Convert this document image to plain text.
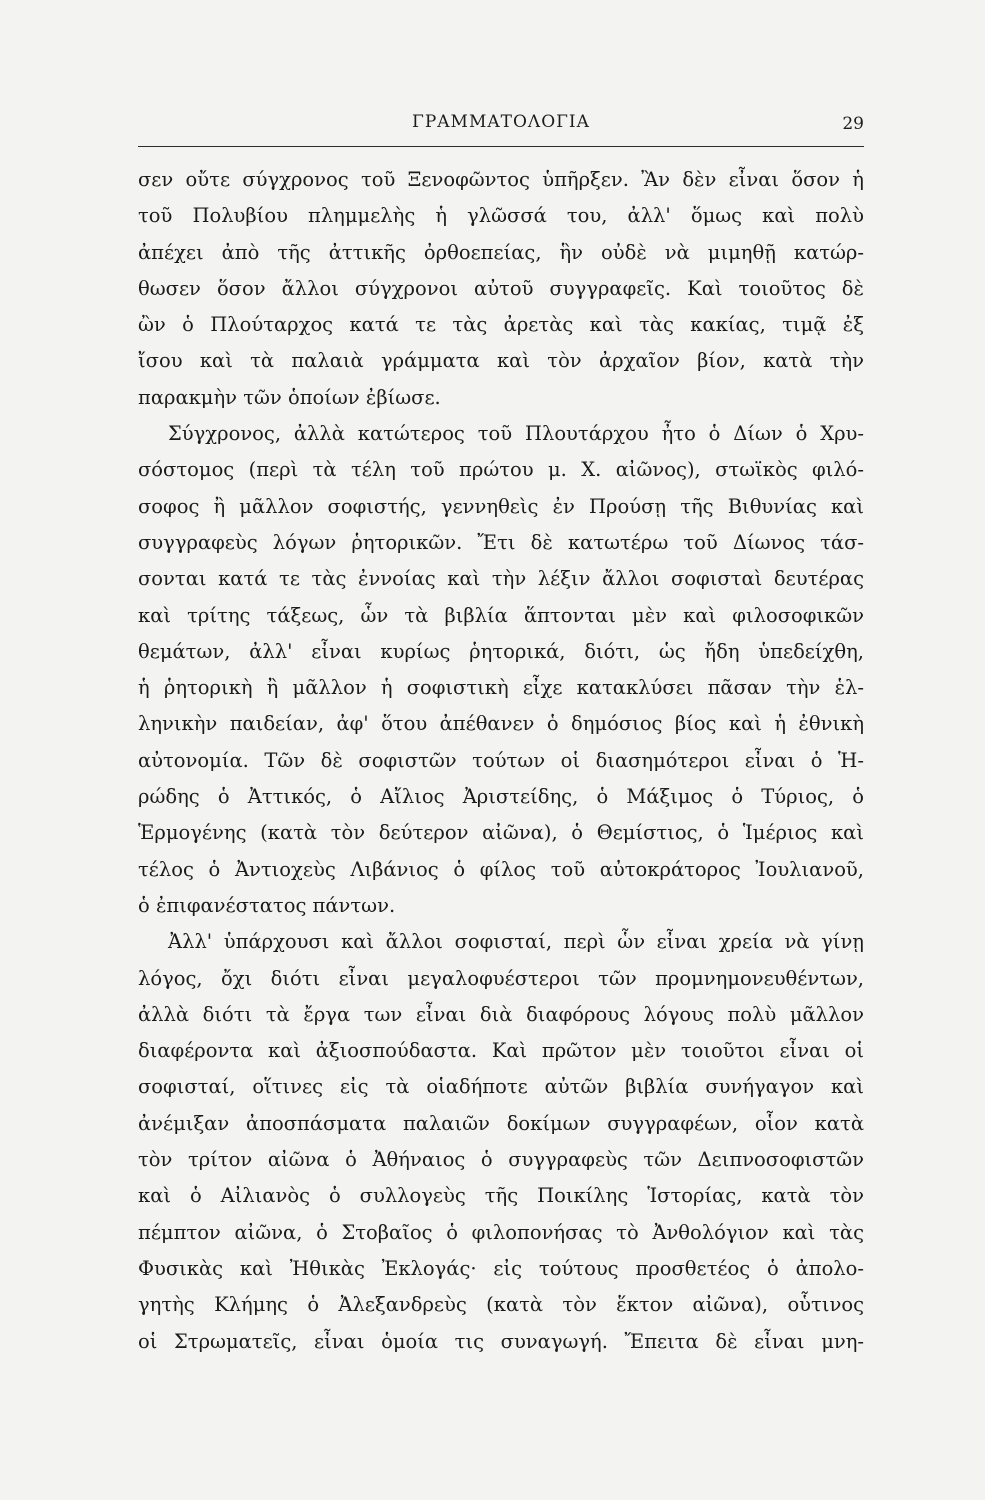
ΓΡΑΜΜΑΤΟΛΟΓΙΑ	29
σεν οὔτε σύγχρονος τοῦ Ξενοφῶντος ὑπῆρξεν. Ἂν δὲν εἶναι ὅσον ἡ
τοῦ Πολυβίου πλημμελὴς ἡ γλῶσσά του, ἀλλ' ὅμως καὶ πολὺ
ἀπέχει ἀπὸ τῆς ἀττικῆς ὀρθοεπείας, ἣν οὐδὲ νὰ μιμηθῇ κατώρ-
θωσεν ὅσον ἄλλοι σύγχρονοι αὐτοῦ συγγραφεῖς. Καὶ τοιοῦτος δὲ
ὢν ὁ Πλούταρχος κατά τε τὰς ἀρετὰς καὶ τὰς κακίας, τιμᾷ ἐξ
ἴσου καὶ τὰ παλαιὰ γράμματα καὶ τὸν ἀρχαῖον βίον, κατὰ τὴν
παρακμὴν τῶν ὁποίων ἐβίωσε.
Σύγχρονος, ἀλλὰ κατώτερος τοῦ Πλουτάρχου ἦτο ὁ Δίων ὁ Χρυ-
σόστομος (περὶ τὰ τέλη τοῦ πρώτου μ. Χ. αἰῶνος), στωϊκὸς φιλό-
σοφος ἢ μᾶλλον σοφιστής, γεννηθεὶς ἐν Προύσῃ τῆς Βιθυνίας καὶ
συγγραφεὺς λόγων ῥητορικῶν. Ἔτι δὲ κατωτέρω τοῦ Δίωνος τάσ-
σονται κατά τε τὰς ἐννοίας καὶ τὴν λέξιν ἄλλοι σοφισταὶ δευτέρας
καὶ τρίτης τάξεως, ὧν τὰ βιβλία ἅπτονται μὲν καὶ φιλοσοφικῶν
θεμάτων, ἀλλ' εἶναι κυρίως ῥητορικά, διότι, ὡς ἤδη ὑπεδείχθη,
ἡ ῥητορικὴ ἢ μᾶλλον ἡ σοφιστικὴ εἶχε κατακλύσει πᾶσαν τὴν ἑλ-
ληνικὴν παιδείαν, ἀφ' ὅτου ἀπέθανεν ὁ δημόσιος βίος καὶ ἡ ἐθνικὴ
αὐτονομία. Τῶν δὲ σοφιστῶν τούτων οἱ διασημότεροι εἶναι ὁ Ἡ-
ρώδης ὁ Ἀττικός, ὁ Αἴλιος Ἀριστείδης, ὁ Μάξιμος ὁ Τύριος, ὁ
Ἑρμογένης (κατὰ τὸν δεύτερον αἰῶνα), ὁ Θεμίστιος, ὁ Ἱμέριος καὶ
τέλος ὁ Ἀντιοχεὺς Λιβάνιος ὁ φίλος τοῦ αὐτοκράτορος Ἰουλιανοῦ,
ὁ ἐπιφανέστατος πάντων.
Ἀλλ' ὑπάρχουσι καὶ ἄλλοι σοφισταί, περὶ ὧν εἶναι χρεία νὰ γίνῃ
λόγος, ὄχι διότι εἶναι μεγαλοφυέστεροι τῶν προμνημονευθέντων,
ἀλλὰ διότι τὰ ἔργα των εἶναι διὰ διαφόρους λόγους πολὺ μᾶλλον
διαφέροντα καὶ ἀξιοσπούδαστα. Καὶ πρῶτον μὲν τοιοῦτοι εἶναι οἱ
σοφισταί, οἵτινες εἰς τὰ οἱαδήποτε αὐτῶν βιβλία συνήγαγον καὶ
ἀνέμιξαν ἀποσπάσματα παλαιῶν δοκίμων συγγραφέων, οἷον κατὰ
τὸν τρίτον αἰῶνα ὁ Ἀθήναιος ὁ συγγραφεὺς τῶν Δειπνοσοφιστῶν
καὶ ὁ Αἰλιανὸς ὁ συλλογεὺς τῆς Ποικίλης Ἱστορίας, κατὰ τὸν
πέμπτον αἰῶνα, ὁ Στοβαῖος ὁ φιλοπονήσας τὸ Ἀνθολόγιον καὶ τὰς
Φυσικὰς καὶ Ἠθικὰς Ἐκλογάς· εἰς τούτους προσθετέος ὁ ἀπολο-
γητὴς Κλήμης ὁ Ἀλεξανδρεὺς (κατὰ τὸν ἕκτον αἰῶνα), οὗτινος
οἱ Στρωματεῖς, εἶναι ὁμοία τις συναγωγή. Ἔπειτα δὲ εἶναι μνη-
